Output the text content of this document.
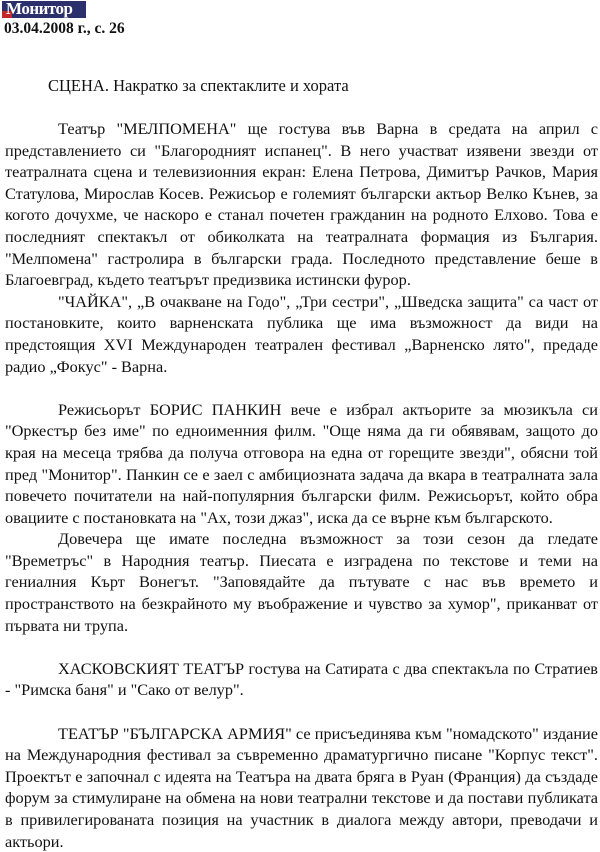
Монитор
03.04.2008 г., с. 26
СЦЕНА. Накратко за спектаклите и хората

Театър "МЕЛПОМЕНА" ще гостува във Варна в средата на април с представлението си "Благородният испанец". В него участват изявени звезди от театралната сцена и телевизионния екран: Елена Петрова, Димитър Рачков, Мария Статулова, Мирослав Косев. Режисьор е големият български актьор Велко Кънев, за когото дочухме, че наскоро е станал почетен гражданин на родното Елхово. Това е последният спектакъл от обиколката на театралната формация из България. "Мелпомена" гастролира в български града. Последното представление беше в Благоевград, където театърът предизвика истински фурор.

"ЧАЙКА", „В очакване на Годо", „Три сестри", „Шведска защита" са част от постановките, които варненската публика ще има възможност да види на предстоящия XVI Международен театрален фестивал „Варненско лято", предаде радио „Фокус" - Варна.

Режисьорът БОРИС ПАНКИН вече е избрал актьорите за мюзикъла си "Оркестър без име" по едноименния филм. "Още няма да ги обявявам, защото до края на месеца трябва да получа отговора на една от горещите звезди", обясни той пред "Монитор". Панкин се е заел с амбициозната задача да вкара в театралната зала повечето почитатели на най-популярния български филм. Режисьорът, който обра овациите с постановката на "Ах, този джаз", иска да се върне към българското.

Довечера ще имате последна възможност за този сезон да гледате "Времетръс" в Народния театър. Пиесата е изградена по текстове и теми на гениалния Кърт Вонегът. "Заповядайте да пътувате с нас във времето и пространството на безкрайното му въображение и чувство за хумор", приканват от първата ни трупа.

ХАСКОВСКИЯТ ТЕАТЪР гостува на Сатирата с два спектакъла по Стратиев - "Римска баня" и "Сако от велур".

ТЕАТЪР "БЪЛГАРСКА АРМИЯ" се присъединява към "номадското" издание на Международния фестивал за съвременно драматургично писане "Корпус текст". Проектът е започнал с идеята на Театъра на двата бряга в Руан (Франция) да създаде форум за стимулиране на обмена на нови театрални текстове и да постави публиката в привилегированата позиция на участник в диалога между автори, преводачи и актьори.
